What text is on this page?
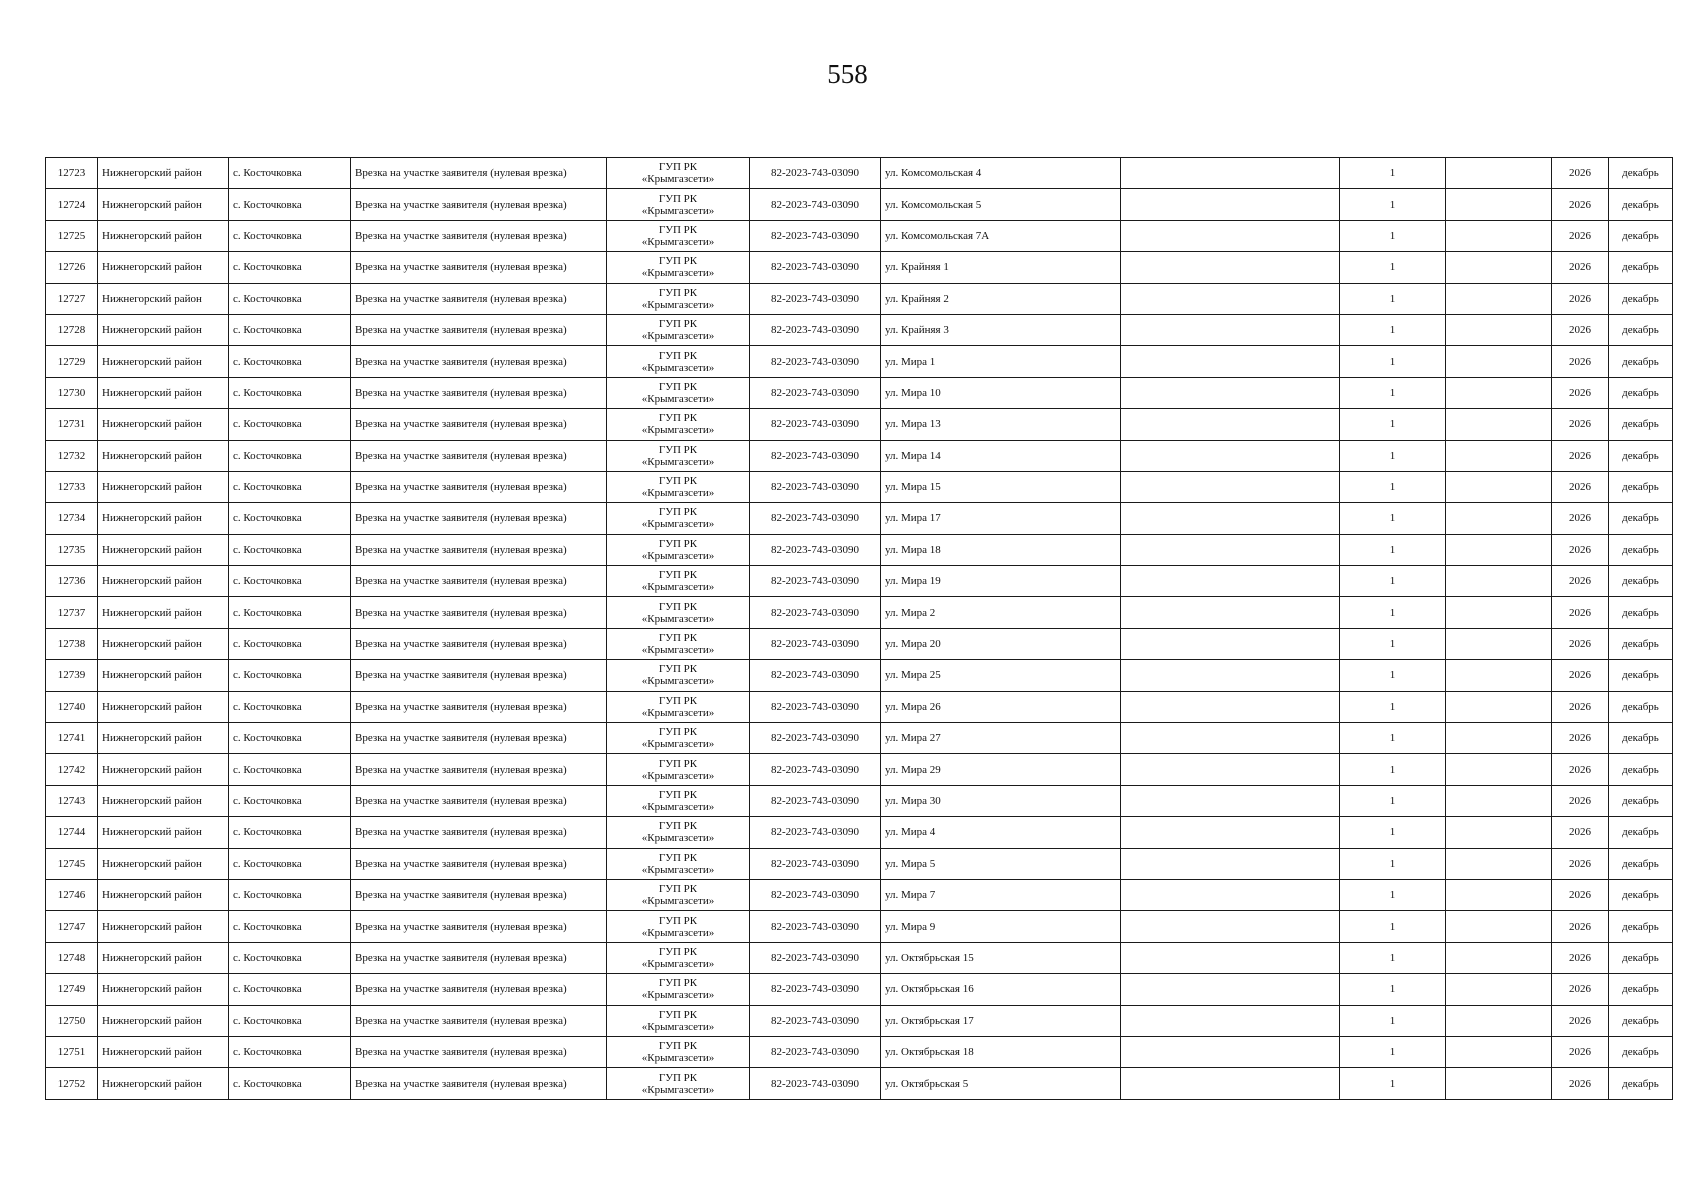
558
12723	Нижнегорский район	с. Косточковка	Врезка на участке заявителя (нулевая врезка)	ГУП РК
«Крымгазсети»	82-2023-743-03090	ул. Комсомольская 4		1		2026	декабрь
12724	Нижнегорский район	с. Косточковка	Врезка на участке заявителя (нулевая врезка)	ГУП РК
«Крымгазсети»	82-2023-743-03090	ул. Комсомольская 5		1		2026	декабрь
12725	Нижнегорский район	с. Косточковка	Врезка на участке заявителя (нулевая врезка)	ГУП РК
«Крымгазсети»	82-2023-743-03090	ул. Комсомольская 7А		1		2026	декабрь
12726	Нижнегорский район	с. Косточковка	Врезка на участке заявителя (нулевая врезка)	ГУП РК
«Крымгазсети»	82-2023-743-03090	ул. Крайняя 1		1		2026	декабрь
12727	Нижнегорский район	с. Косточковка	Врезка на участке заявителя (нулевая врезка)	ГУП РК
«Крымгазсети»	82-2023-743-03090	ул. Крайняя 2		1		2026	декабрь
12728	Нижнегорский район	с. Косточковка	Врезка на участке заявителя (нулевая врезка)	ГУП РК
«Крымгазсети»	82-2023-743-03090	ул. Крайняя 3		1		2026	декабрь
12729	Нижнегорский район	с. Косточковка	Врезка на участке заявителя (нулевая врезка)	ГУП РК
«Крымгазсети»	82-2023-743-03090	ул. Мира 1		1		2026	декабрь
12730	Нижнегорский район	с. Косточковка	Врезка на участке заявителя (нулевая врезка)	ГУП РК
«Крымгазсети»	82-2023-743-03090	ул. Мира 10		1		2026	декабрь
12731	Нижнегорский район	с. Косточковка	Врезка на участке заявителя (нулевая врезка)	ГУП РК
«Крымгазсети»	82-2023-743-03090	ул. Мира 13		1		2026	декабрь
12732	Нижнегорский район	с. Косточковка	Врезка на участке заявителя (нулевая врезка)	ГУП РК
«Крымгазсети»	82-2023-743-03090	ул. Мира 14		1		2026	декабрь
12733	Нижнегорский район	с. Косточковка	Врезка на участке заявителя (нулевая врезка)	ГУП РК
«Крымгазсети»	82-2023-743-03090	ул. Мира 15		1		2026	декабрь
12734	Нижнегорский район	с. Косточковка	Врезка на участке заявителя (нулевая врезка)	ГУП РК
«Крымгазсети»	82-2023-743-03090	ул. Мира 17		1		2026	декабрь
12735	Нижнегорский район	с. Косточковка	Врезка на участке заявителя (нулевая врезка)	ГУП РК
«Крымгазсети»	82-2023-743-03090	ул. Мира 18		1		2026	декабрь
12736	Нижнегорский район	с. Косточковка	Врезка на участке заявителя (нулевая врезка)	ГУП РК
«Крымгазсети»	82-2023-743-03090	ул. Мира 19		1		2026	декабрь
12737	Нижнегорский район	с. Косточковка	Врезка на участке заявителя (нулевая врезка)	ГУП РК
«Крымгазсети»	82-2023-743-03090	ул. Мира 2		1		2026	декабрь
12738	Нижнегорский район	с. Косточковка	Врезка на участке заявителя (нулевая врезка)	ГУП РК
«Крымгазсети»	82-2023-743-03090	ул. Мира 20		1		2026	декабрь
12739	Нижнегорский район	с. Косточковка	Врезка на участке заявителя (нулевая врезка)	ГУП РК
«Крымгазсети»	82-2023-743-03090	ул. Мира 25		1		2026	декабрь
12740	Нижнегорский район	с. Косточковка	Врезка на участке заявителя (нулевая врезка)	ГУП РК
«Крымгазсети»	82-2023-743-03090	ул. Мира 26		1		2026	декабрь
12741	Нижнегорский район	с. Косточковка	Врезка на участке заявителя (нулевая врезка)	ГУП РК
«Крымгазсети»	82-2023-743-03090	ул. Мира 27		1		2026	декабрь
12742	Нижнегорский район	с. Косточковка	Врезка на участке заявителя (нулевая врезка)	ГУП РК
«Крымгазсети»	82-2023-743-03090	ул. Мира 29		1		2026	декабрь
12743	Нижнегорский район	с. Косточковка	Врезка на участке заявителя (нулевая врезка)	ГУП РК
«Крымгазсети»	82-2023-743-03090	ул. Мира 30		1		2026	декабрь
12744	Нижнегорский район	с. Косточковка	Врезка на участке заявителя (нулевая врезка)	ГУП РК
«Крымгазсети»	82-2023-743-03090	ул. Мира 4		1		2026	декабрь
12745	Нижнегорский район	с. Косточковка	Врезка на участке заявителя (нулевая врезка)	ГУП РК
«Крымгазсети»	82-2023-743-03090	ул. Мира 5		1		2026	декабрь
12746	Нижнегорский район	с. Косточковка	Врезка на участке заявителя (нулевая врезка)	ГУП РК
«Крымгазсети»	82-2023-743-03090	ул. Мира 7		1		2026	декабрь
12747	Нижнегорский район	с. Косточковка	Врезка на участке заявителя (нулевая врезка)	ГУП РК
«Крымгазсети»	82-2023-743-03090	ул. Мира 9		1		2026	декабрь
12748	Нижнегорский район	с. Косточковка	Врезка на участке заявителя (нулевая врезка)	ГУП РК
«Крымгазсети»	82-2023-743-03090	ул. Октябрьская 15		1		2026	декабрь
12749	Нижнегорский район	с. Косточковка	Врезка на участке заявителя (нулевая врезка)	ГУП РК
«Крымгазсети»	82-2023-743-03090	ул. Октябрьская 16		1		2026	декабрь
12750	Нижнегорский район	с. Косточковка	Врезка на участке заявителя (нулевая врезка)	ГУП РК
«Крымгазсети»	82-2023-743-03090	ул. Октябрьская 17		1		2026	декабрь
12751	Нижнегорский район	с. Косточковка	Врезка на участке заявителя (нулевая врезка)	ГУП РК
«Крымгазсети»	82-2023-743-03090	ул. Октябрьская 18		1		2026	декабрь
12752	Нижнегорский район	с. Косточковка	Врезка на участке заявителя (нулевая врезка)	ГУП РК
«Крымгазсети»	82-2023-743-03090	ул. Октябрьская 5		1		2026	декабрь
